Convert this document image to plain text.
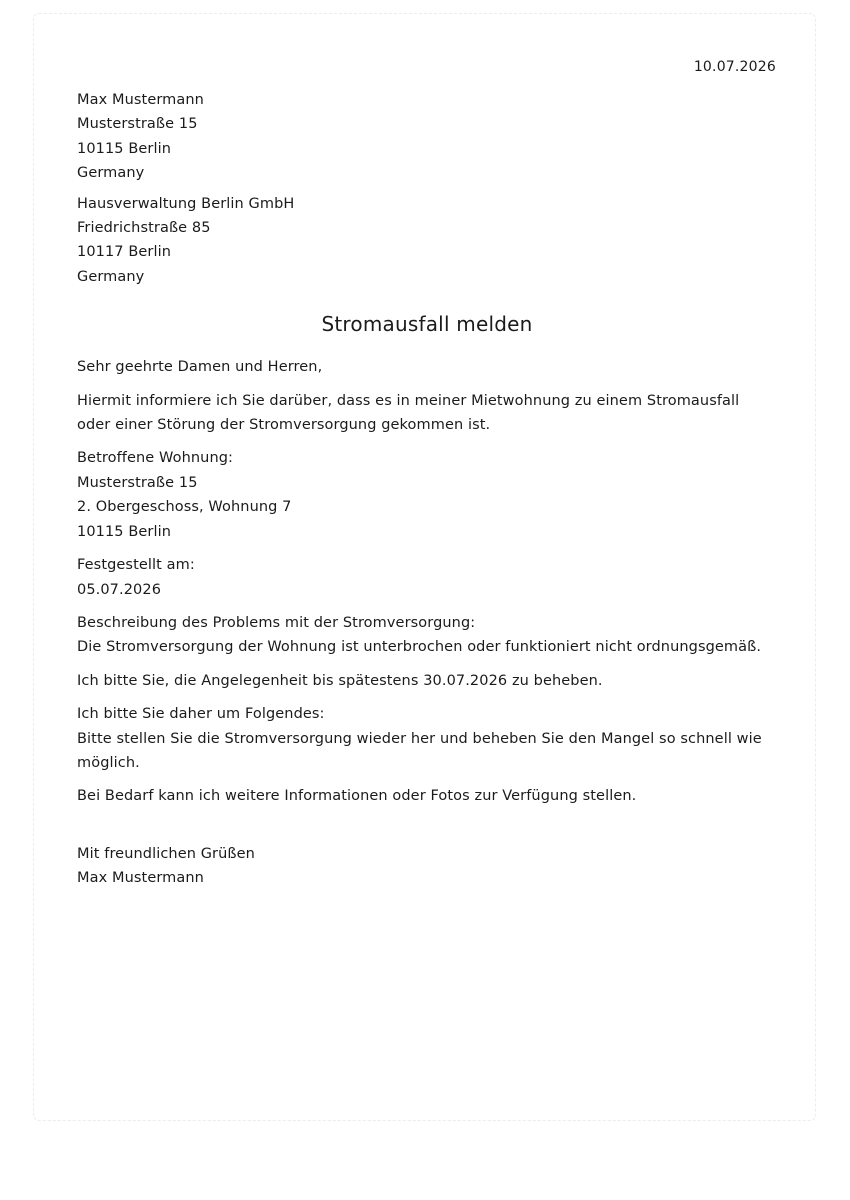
10.07.2026
Max Mustermann
Musterstraße 15
10115 Berlin
Germany
Hausverwaltung Berlin GmbH
Friedrichstraße 85
10117 Berlin
Germany
Stromausfall melden
Sehr geehrte Damen und Herren,
Hiermit informiere ich Sie darüber, dass es in meiner Mietwohnung zu einem Stromausfall oder einer Störung der Stromversorgung gekommen ist.
Betroffene Wohnung:
Musterstraße 15
2. Obergeschoss, Wohnung 7
10115 Berlin
Festgestellt am:
05.07.2026
Beschreibung des Problems mit der Stromversorgung:
Die Stromversorgung der Wohnung ist unterbrochen oder funktioniert nicht ordnungsgemäß.
Ich bitte Sie, die Angelegenheit bis spätestens 30.07.2026 zu beheben.
Ich bitte Sie daher um Folgendes:
Bitte stellen Sie die Stromversorgung wieder her und beheben Sie den Mangel so schnell wie möglich.
Bei Bedarf kann ich weitere Informationen oder Fotos zur Verfügung stellen.
Mit freundlichen Grüßen
Max Mustermann
